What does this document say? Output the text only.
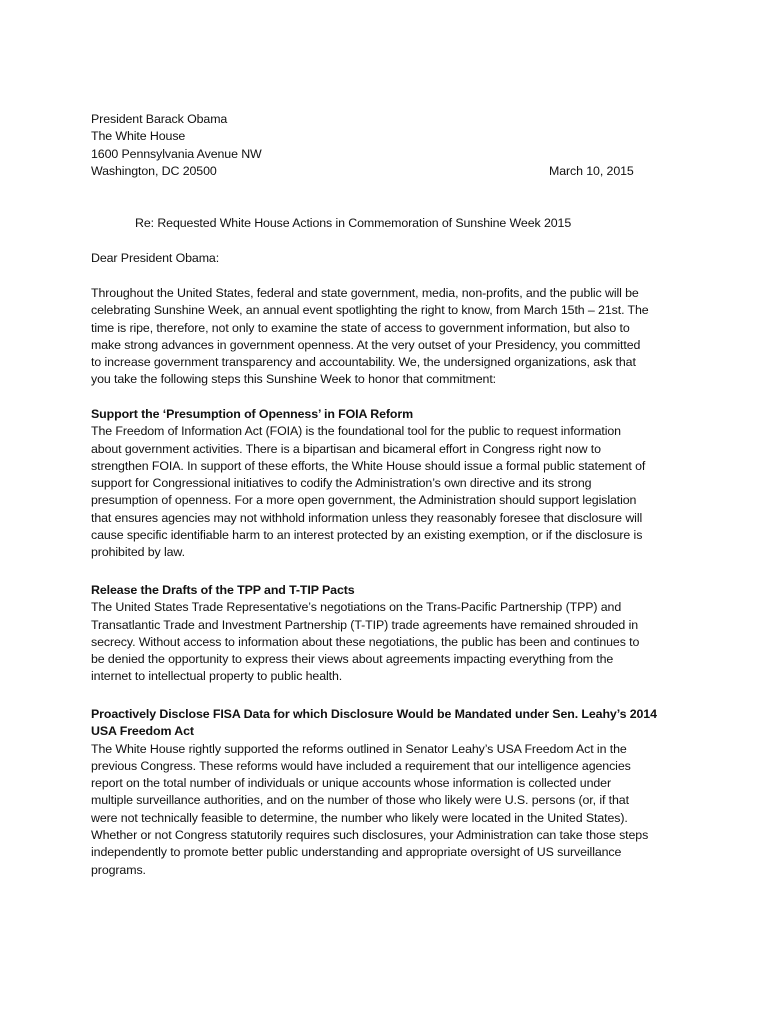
President Barack Obama
The White House
1600 Pennsylvania Avenue NW
Washington, DC 20500	March 10, 2015
Re: Requested White House Actions in Commemoration of Sunshine Week 2015
Dear President Obama:
Throughout the United States, federal and state government, media, non-profits, and the public will be
celebrating Sunshine Week, an annual event spotlighting the right to know, from March 15th – 21st. The
time is ripe, therefore, not only to examine the state of access to government information, but also to
make strong advances in government openness. At the very outset of your Presidency, you committed
to increase government transparency and accountability. We, the undersigned organizations, ask that
you take the following steps this Sunshine Week to honor that commitment:
Support the ‘Presumption of Openness’ in FOIA Reform
The Freedom of Information Act (FOIA) is the foundational tool for the public to request information
about government activities. There is a bipartisan and bicameral effort in Congress right now to
strengthen FOIA. In support of these efforts, the White House should issue a formal public statement of
support for Congressional initiatives to codify the Administration’s own directive and its strong
presumption of openness. For a more open government, the Administration should support legislation
that ensures agencies may not withhold information unless they reasonably foresee that disclosure will
cause specific identifiable harm to an interest protected by an existing exemption, or if the disclosure is
prohibited by law.
Release the Drafts of the TPP and T-TIP Pacts
The United States Trade Representative’s negotiations on the Trans-Pacific Partnership (TPP) and
Transatlantic Trade and Investment Partnership (T-TIP) trade agreements have remained shrouded in
secrecy. Without access to information about these negotiations, the public has been and continues to
be denied the opportunity to express their views about agreements impacting everything from the
internet to intellectual property to public health.
Proactively Disclose FISA Data for which Disclosure Would be Mandated under Sen. Leahy’s 2014
USA Freedom Act
The White House rightly supported the reforms outlined in Senator Leahy’s USA Freedom Act in the
previous Congress. These reforms would have included a requirement that our intelligence agencies
report on the total number of individuals or unique accounts whose information is collected under
multiple surveillance authorities, and on the number of those who likely were U.S. persons (or, if that
were not technically feasible to determine, the number who likely were located in the United States).
Whether or not Congress statutorily requires such disclosures, your Administration can take those steps
independently to promote better public understanding and appropriate oversight of US surveillance
programs.
